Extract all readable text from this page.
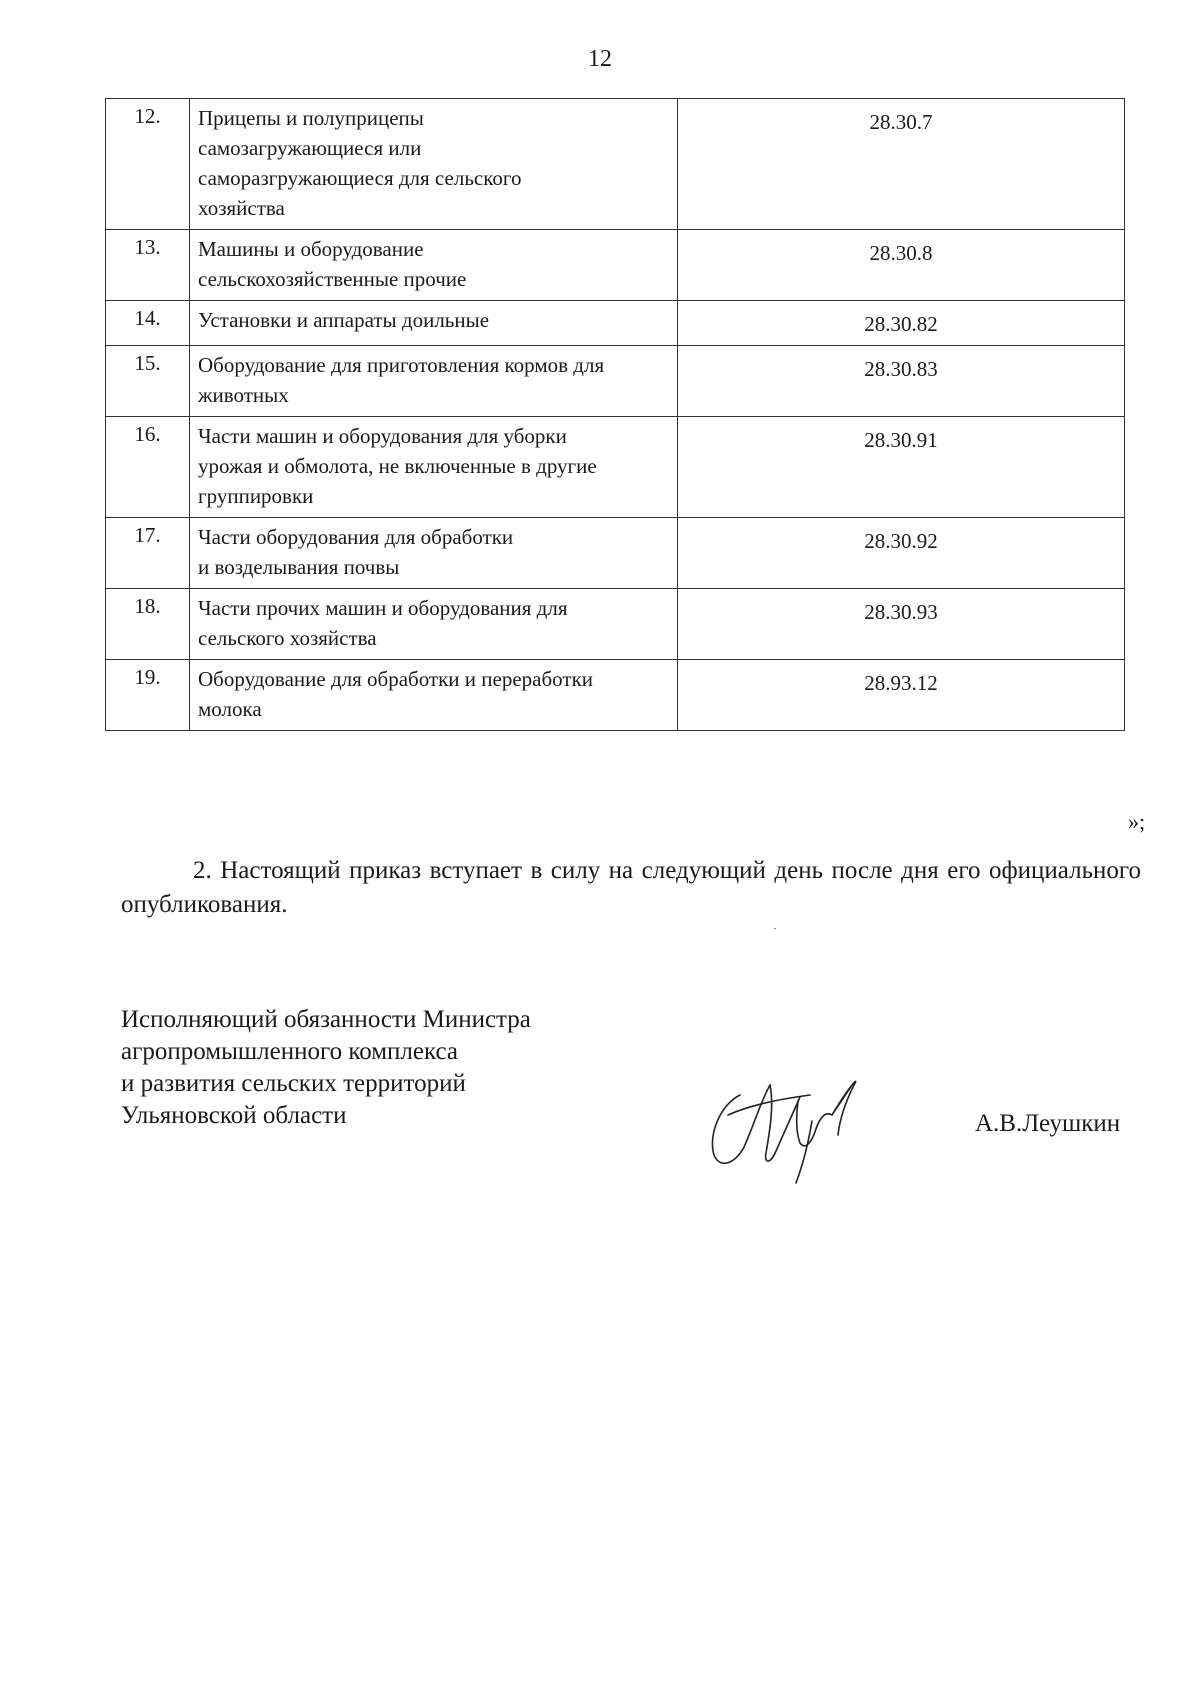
12
12.	Прицепы и полуприцепы
самозагружающиеся или
саморазгружающиеся для сельского
хозяйства	28.30.7
13.	Машины и оборудование
сельскохозяйственные прочие	28.30.8
14.	Установки и аппараты доильные	28.30.82
15.	Оборудование для приготовления кормов для
животных	28.30.83
16.	Части машин и оборудования для уборки
урожая и обмолота, не включенные в другие
группировки	28.30.91
17.	Части оборудования для обработки
и возделывания почвы	28.30.92
18.	Части прочих машин и оборудования для
сельского хозяйства	28.30.93
19.	Оборудование для обработки и переработки
молока	28.93.12
»;
2. Настоящий приказ вступает в силу на следующий день после дня его официального опубликования.
Исполняющий обязанности Министра
агропромышленного комплекса
и развития сельских территорий
Ульяновской области	А.В.Леушкин
